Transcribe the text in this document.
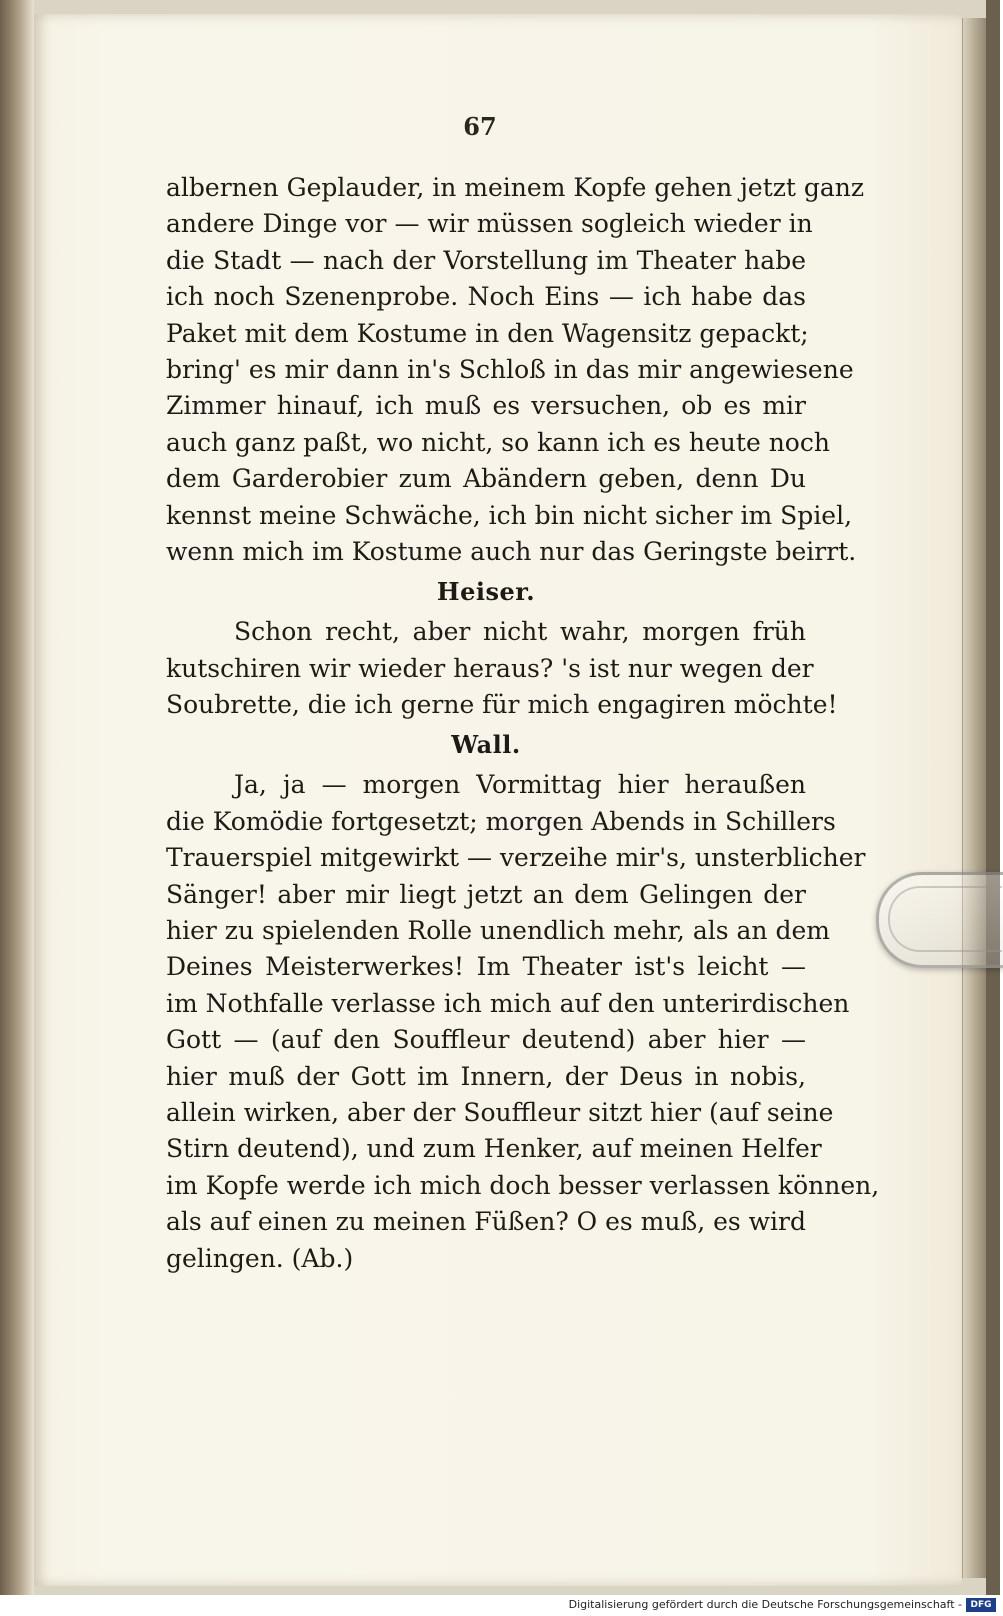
67
albernen Geplauder, in meinem Kopfe gehen jetzt ganz
andere Dinge vor — wir müssen sogleich wieder in
die Stadt — nach der Vorstellung im Theater habe
ich noch Szenenprobe. Noch Eins — ich habe das
Paket mit dem Kostume in den Wagensitz gepackt;
bring' es mir dann in's Schloß in das mir angewiesene
Zimmer hinauf, ich muß es versuchen, ob es mir
auch ganz paßt, wo nicht, so kann ich es heute noch
dem Garderobier zum Abändern geben, denn Du
kennst meine Schwäche, ich bin nicht sicher im Spiel,
wenn mich im Kostume auch nur das Geringste beirrt.
Heiser.
Schon recht, aber nicht wahr, morgen früh
kutschiren wir wieder heraus? 's ist nur wegen der
Soubrette, die ich gerne für mich engagiren möchte!
Wall.
Ja, ja — morgen Vormittag hier heraußen
die Komödie fortgesetzt; morgen Abends in Schillers
Trauerspiel mitgewirkt — verzeihe mir's, unsterblicher
Sänger! aber mir liegt jetzt an dem Gelingen der
hier zu spielenden Rolle unendlich mehr, als an dem
Deines Meisterwerkes! Im Theater ist's leicht —
im Nothfalle verlasse ich mich auf den unterirdischen
Gott — (auf den Souffleur deutend) aber hier —
hier muß der Gott im Innern, der Deus in nobis,
allein wirken, aber der Souffleur sitzt hier (auf seine
Stirn deutend), und zum Henker, auf meinen Helfer
im Kopfe werde ich mich doch besser verlassen können,
als auf einen zu meinen Füßen? O es muß, es wird
gelingen. (Ab.)
Digitalisierung gefördert durch die Deutsche Forschungsgemeinschaft - DFG
